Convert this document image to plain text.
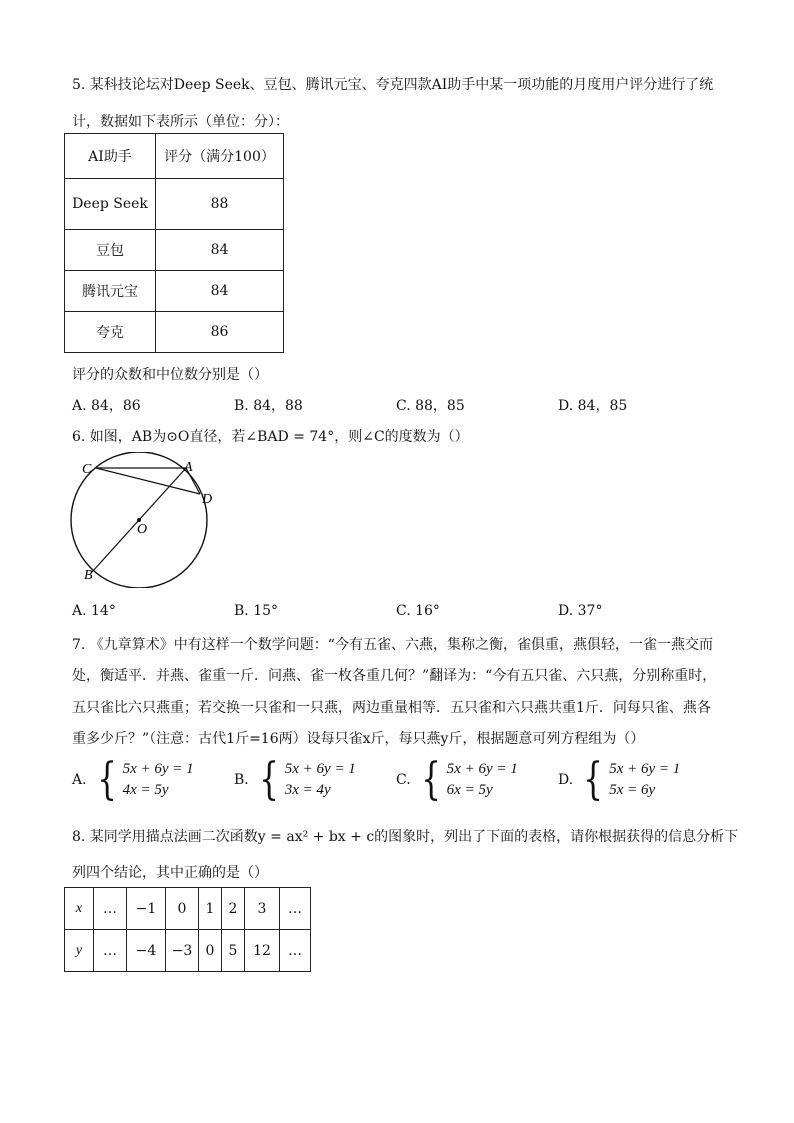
5. 某科技论坛对Deep Seek、豆包、腾讯元宝、夸克四款AI助手中某一项功能的月度用户评分进行了统
计，数据如下表所示（单位：分）：
AI助手	评分（满分100）
Deep Seek	88
豆包	84
腾讯元宝	84
夸克	86
评分的众数和中位数分别是（）
A. 84，86	B. 84，88	C. 88，85	D. 84，85
6. 如图，AB为⊙O直径，若∠BAD = 74°，则∠C的度数为（）
C	A
D
O
B
A. 14°	B. 15°	C. 16°	D. 37°
7. 《九章算术》中有这样一个数学问题：“今有五雀、六燕，集称之衡，雀俱重，燕俱轻，一雀一燕交而
处，衡适平．并燕、雀重一斤．问燕、雀一枚各重几何？”翻译为：“今有五只雀、六只燕，分别称重时，
五只雀比六只燕重；若交换一只雀和一只燕，两边重量相等．五只雀和六只燕共重1斤．问每只雀、燕各
重多少斤？”（注意：古代1斤=16两）设每只雀x斤，每只燕y斤，根据题意可列方程组为（）
A. { 5x + 6y = 1
4x = 5y
B. { 5x + 6y = 1
3x = 4y
C. { 5x + 6y = 1
6x = 5y
D. { 5x + 6y = 1
5x = 6y
8. 某同学用描点法画二次函数y = ax² + bx + c的图象时，列出了下面的表格，请你根据获得的信息分析下
列四个结论，其中正确的是（）
x	…	−1	0	1	2	3	…
y	…	−4	−3	0	5	12	…
